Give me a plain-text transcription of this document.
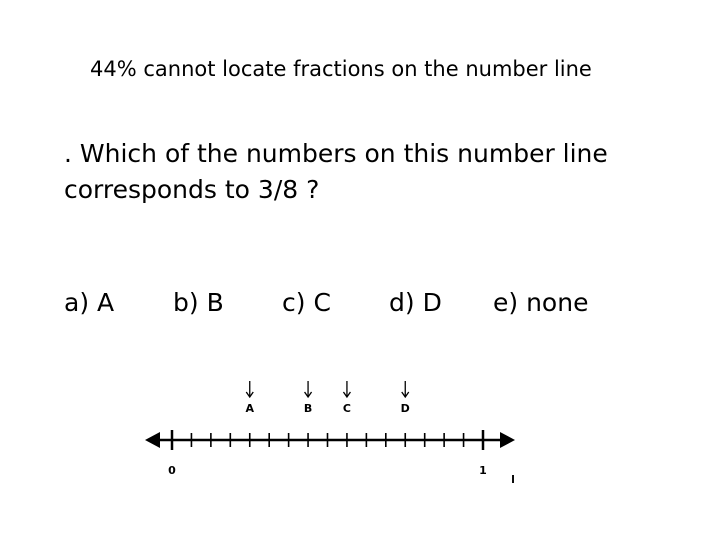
44% cannot locate fractions on the number line
. Which of the numbers on this number line
corresponds to 3/8 ?
a) A b) B c) C d) D e) none
A	B	C	D
0	1
l
